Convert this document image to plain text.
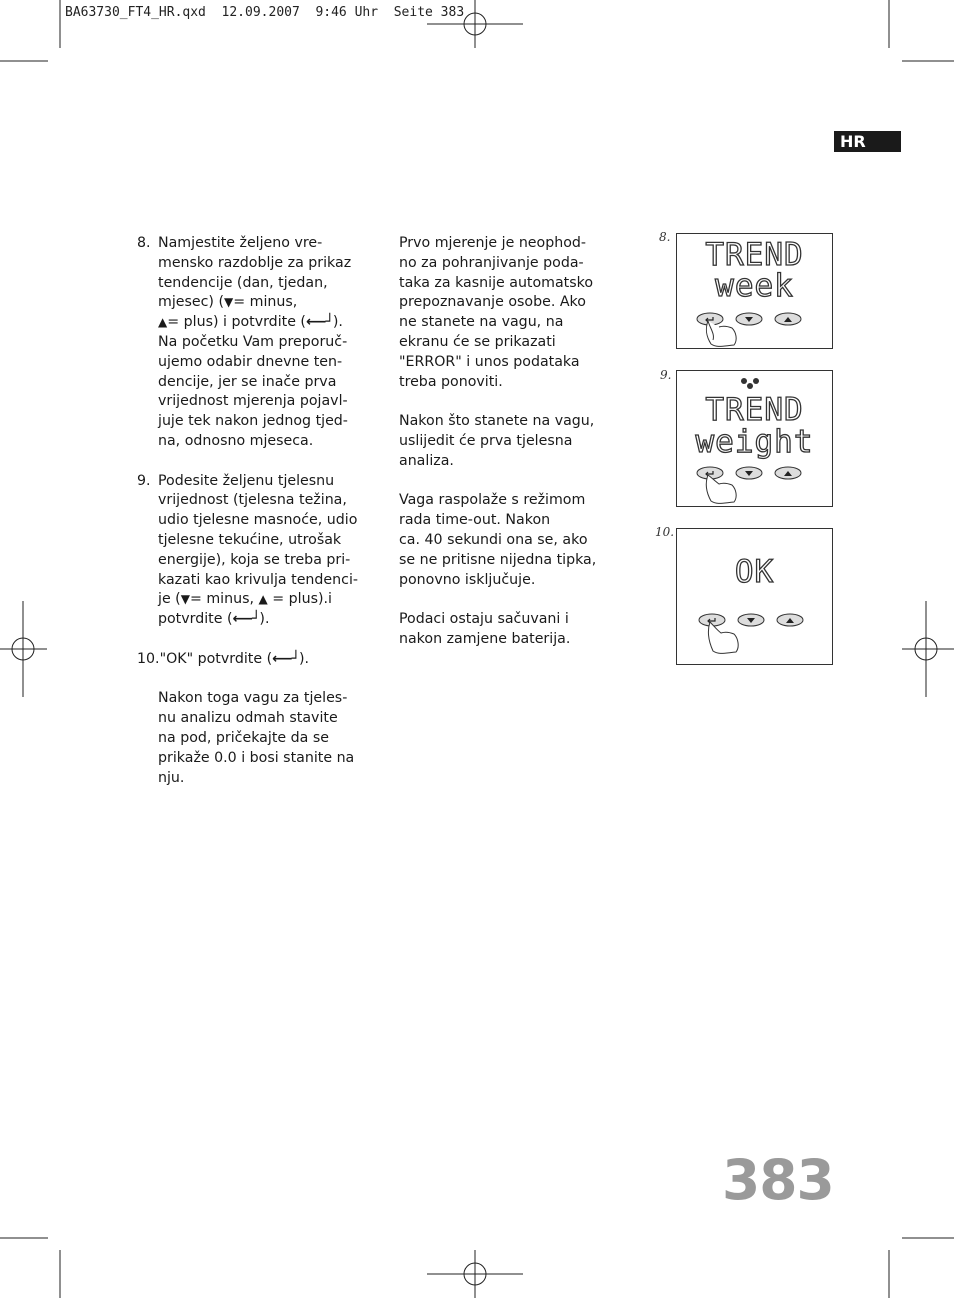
BA63730_FT4_HR.qxd  12.09.2007  9:46 Uhr  Seite 383

HR
8. Namjestite željeno vre-
mensko razdoblje za prikaz
tendencije (dan, tjedan,
mjesec) (▼= minus,
▲= plus) i potvrdite (⟵┘).
Na početku Vam preporuč-
ujemo odabir dnevne ten-
dencije, jer se inače prva
vrijednost mjerenja pojavl-
juje tek nakon jednog tjed-
na, odnosno mjeseca.
9. Podesite željenu tjelesnu
vrijednost (tjelesna težina,
udio tjelesne masnoće, udio
tjelesne tekućine, utrošak
energije), koja se treba pri-
kazati kao krivulja tendenci-
je (▼= minus, ▲ = plus).i
potvrdite (⟵┘).
10."OK" potvrdite (⟵┘).
Nakon toga vagu za tjeles-
nu analizu odmah stavite
na pod, pričekajte da se
prikaže 0.0 i bosi stanite na
nju.
Prvo mjerenje je neophod-
no za pohranjivanje poda-
taka za kasnije automatsko
prepoznavanje osobe. Ako
ne stanete na vagu, na
ekranu će se prikazati
"ERROR" i unos podataka
treba ponoviti.
Nakon što stanete na vagu,
uslijedit će prva tjelesna
analiza.
Vaga raspolaže s režimom
rada time-out. Nakon
ca. 40 sekundi ona se, ako
se ne pritisne nijedna tipka,
ponovno isključuje.
Podaci ostaju sačuvani i
nakon zamjene baterija.
8.	TREND
week
9.
TREND
weight
10.
OK
383
